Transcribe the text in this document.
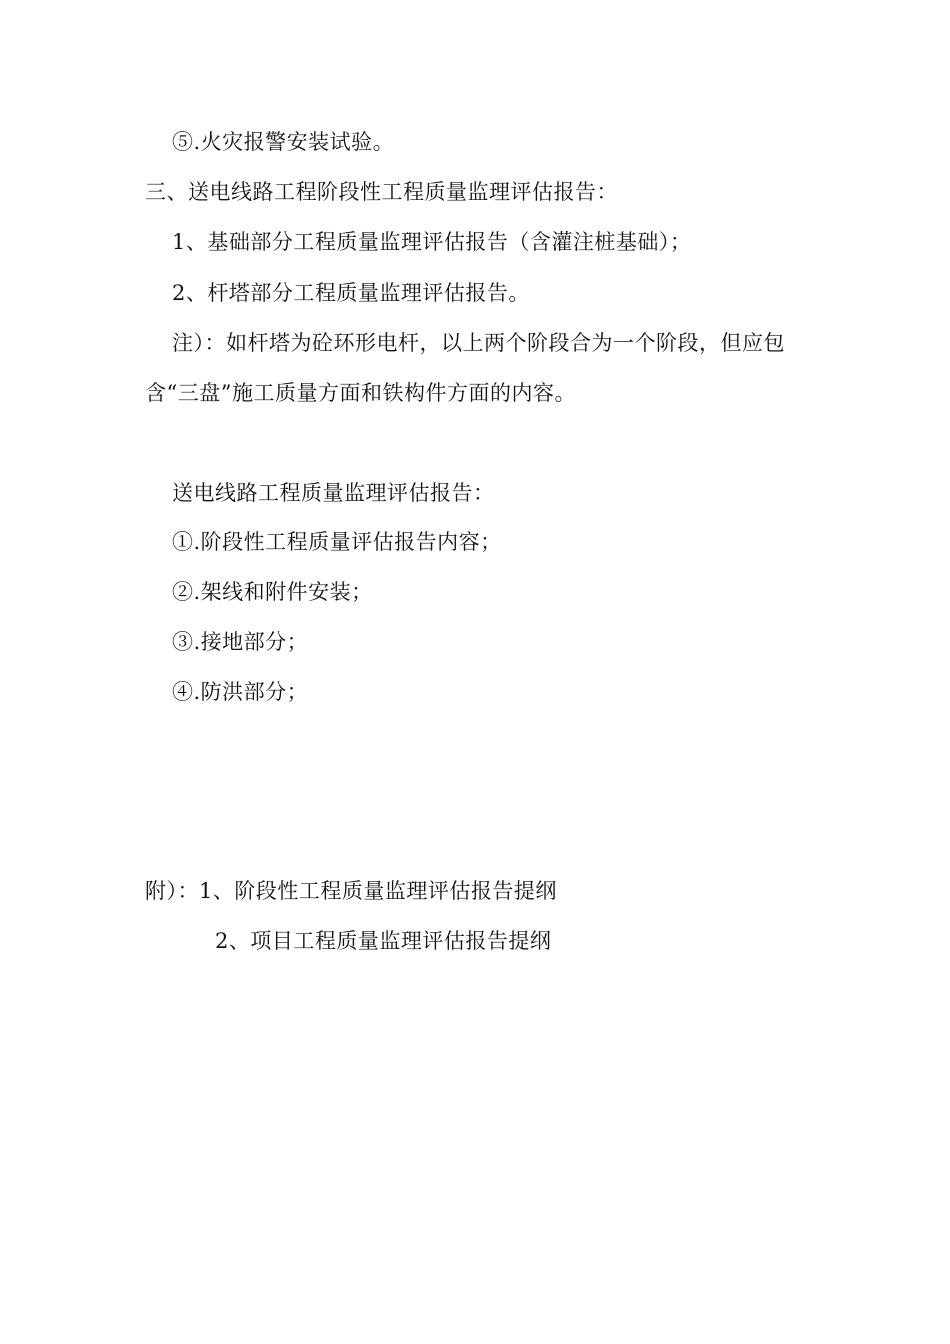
⑤.火灾报警安装试验。
三、送电线路工程阶段性工程质量监理评估报告：
1、基础部分工程质量监理评估报告（含灌注桩基础）；
2、杆塔部分工程质量监理评估报告。
注）：如杆塔为砼环形电杆，以上两个阶段合为一个阶段，但应包
含“三盘”施工质量方面和铁构件方面的内容。
送电线路工程质量监理评估报告：
①.阶段性工程质量评估报告内容；
②.架线和附件安装；
③.接地部分；
④.防洪部分；
附）：1、阶段性工程质量监理评估报告提纲
2、项目工程质量监理评估报告提纲
